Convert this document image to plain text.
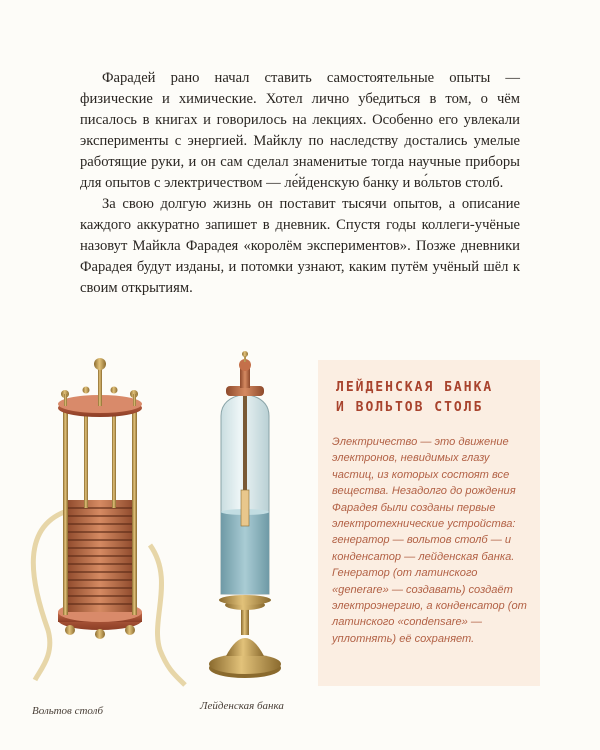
Фарадей рано начал ставить самостоятельные опыты — физические и химические. Хотел лично убедиться в том, о чём писалось в книгах и говорилось на лекциях. Особенно его увлекали эксперименты с энергией. Майклу по наследству достались умелые работящие руки, и он сам сделал знаменитые тогда научные приборы для опытов с электричеством — ле́йденскую банку и во́льтов столб.

За свою долгую жизнь он поставит тысячи опытов, а описание каждого аккуратно запишет в дневник. Спустя годы коллеги-учёные назовут Майкла Фарадея «королём экспериментов». Позже дневники Фарадея будут изданы, и потомки узнают, каким путём учёный шёл к своим открытиям.

Вольтов столб	Лейденская банка
ЛЕЙДЕНСКАЯ БАНКА
И ВОЛЬТОВ СТОЛБ

Электричество — это движение электронов, невидимых глазу частиц, из которых состоят все вещества. Незадолго до рождения Фарадея были созданы первые электротехнические устройства: генератор — вольтов столб — и конденсатор — лейденская банка. Генератор (от латинского «generare» — создавать) создаёт электроэнергию, а конденсатор (от латинского «condensare» — уплотнять) её сохраняет.
